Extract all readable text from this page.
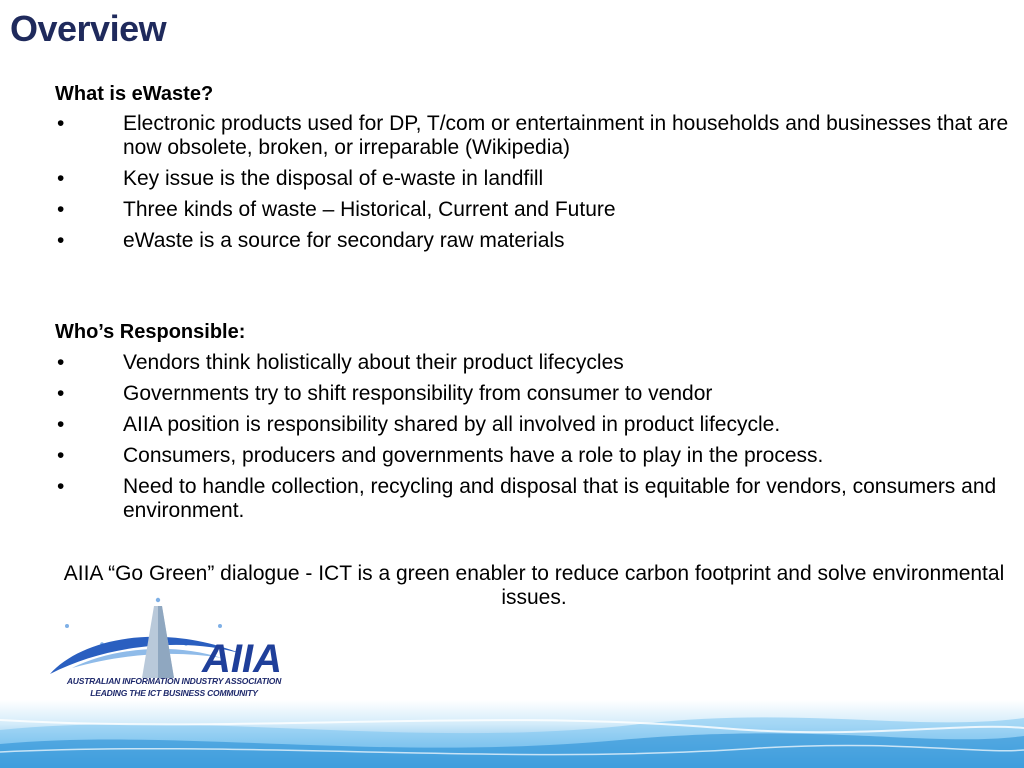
Overview

What is eWaste?

•	Electronic products used for DP, T/com or entertainment in households and businesses that are now obsolete, broken, or irreparable (Wikipedia)
•	Key issue is the disposal of e-waste in landfill
•	Three kinds of waste – Historical, Current and Future
•	eWaste is a source for secondary raw materials

Who’s Responsible:

•	Vendors think holistically about their product lifecycles
•	Governments try to shift responsibility from consumer to vendor
•	AIIA position is responsibility shared by all involved in product lifecycle.
•	Consumers, producers and governments have a role to play in the process.
•	Need to handle collection, recycling and disposal that is equitable for vendors, consumers and environment.

AIIA “Go Green” dialogue - ICT is a green enabler to reduce carbon footprint and solve environmental issues.

AIIA
AUSTRALIAN INFORMATION INDUSTRY ASSOCIATION
LEADING THE ICT BUSINESS COMMUNITY
